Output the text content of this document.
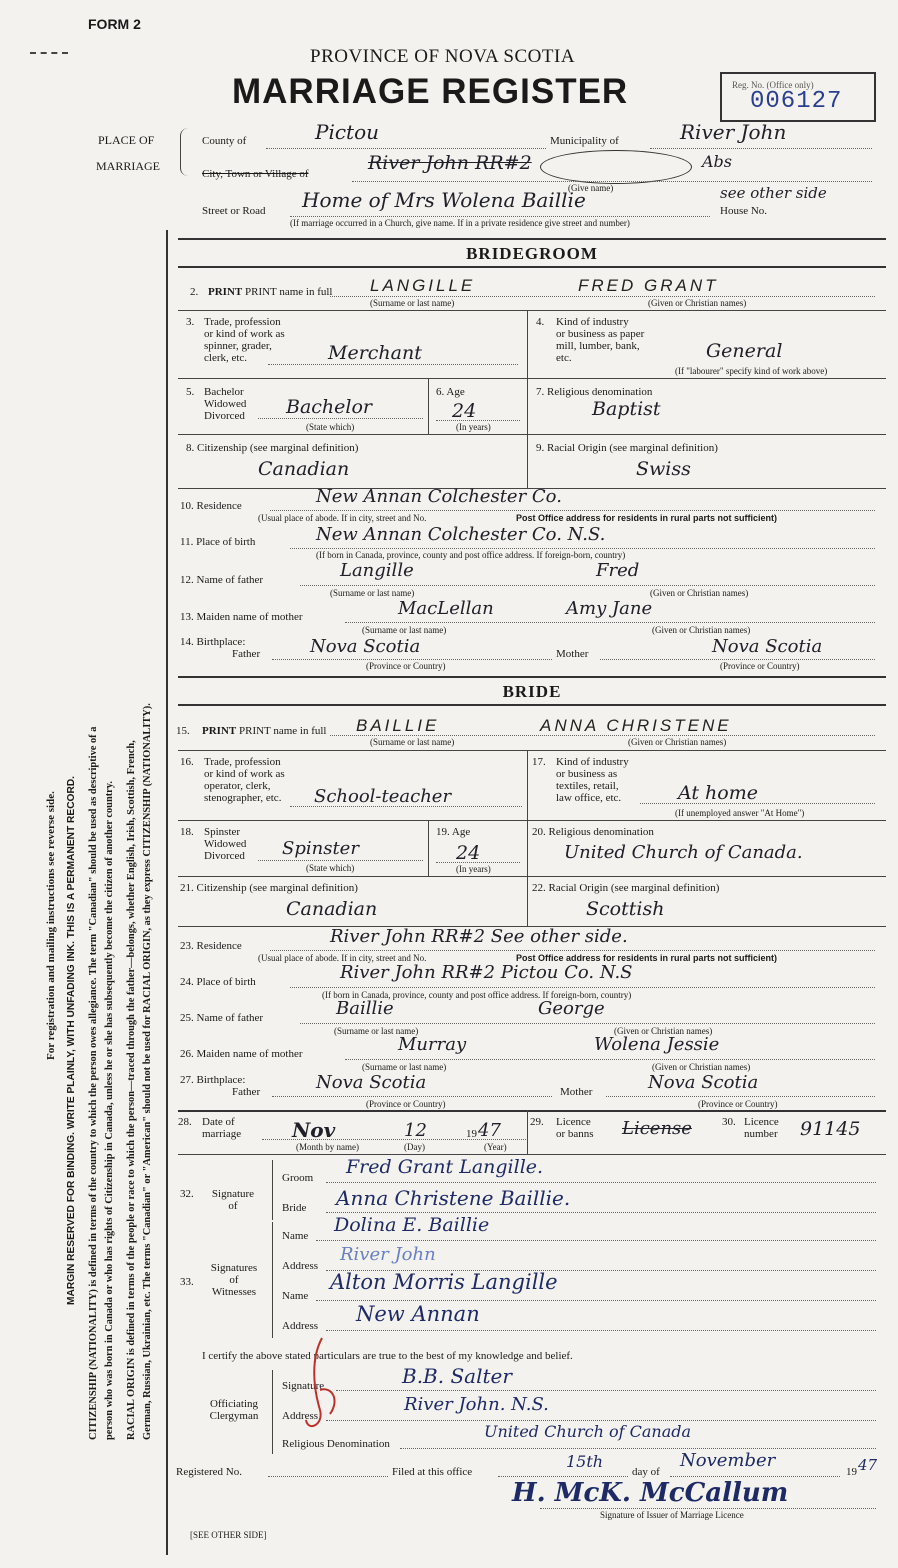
FORM 2
PROVINCE OF NOVA SCOTIA
MARRIAGE REGISTER	Reg. No. (Office only)
006127
For registration and mailing instructions see reverse side. MARGIN RESERVED FOR BINDING. WRITE PLAINLY, WITH UNFADING INK. THIS IS A PERMANENT RECORD. CITIZENSHIP (NATIONALITY) is defined in terms of the country to which the person owes allegiance. The term "Canadian" should be used as descriptive of a person who was born in Canada or who has rights of Citizenship in Canada, unless he or she has subsequently become the citizen of another country. RACIAL ORIGIN is defined in terms of the people or race to which the person—traced through the father—belongs, whether English, Irish, Scottish, French, German, Russian, Ukrainian, etc. The terms "Canadian" or "American" should not be used for RACIAL ORIGIN, as they express CITIZENSHIP (NATIONALITY).
PLACE OF
MARRIAGE
County of	Pictou	Municipality of	River John
City, Town or Village of	River John RR#2	Abs
(Give name)
Street or Road Home of Mrs Wolena Baillie	House No.
see other side
(If marriage occurred in a Church, give name. If in a private residence give street and number)
BRIDEGROOM
2. PRINT PRINT name in full LANGILLE	FRED GRANT
(Surname or last name)	(Given or Christian names)
3. Trade, profession
or kind of work as
spinner, grader,
clerk, etc.	Merchant
4. Kind of industry
or business as paper
mill, lumber, bank,
etc.	General
(If "labourer" specify kind of work above)
5. Bachelor
Widowed
Divorced Bachelor
(State which)
6. Age
24
(In years)
7. Religious denomination
Baptist
8. Citizenship (see marginal definition)
Canadian
9. Racial Origin (see marginal definition)
Swiss
10. Residence	New Annan Colchester Co.
(Usual place of abode. If in city, street and No.	Post Office address for residents in rural parts not sufficient)
11. Place of birth	New Annan Colchester Co. N.S.
(If born in Canada, province, county and post office address. If foreign-born, country)
12. Name of father	Langille	Fred
(Surname or last name)	(Given or Christian names)
13. Maiden name of mother	MacLellan	Amy Jane
(Surname or last name)	(Given or Christian names)
14. Birthplace:
Father	Nova Scotia	Mother	Nova Scotia
(Province or Country)	(Province or Country)
BRIDE
15. PRINT PRINT name in full BAILLIE	ANNA CHRISTENE
(Surname or last name)	(Given or Christian names)
16. Trade, profession
or kind of work as
operator, clerk,
stenographer, etc. School-teacher
17. Kind of industry
or business as
textiles, retail,
law office, etc.	At home
(If unemployed answer "At Home")
18. Spinster
Widowed
Divorced Spinster
(State which)
19. Age
24
(In years)
20. Religious denomination
United Church of Canada.
21. Citizenship (see marginal definition)
Canadian
22. Racial Origin (see marginal definition)
Scottish
23. Residence	River John RR#2 See other side.
(Usual place of abode. If in city, street and No.	Post Office address for residents in rural parts not sufficient)
24. Place of birth	River John RR#2 Pictou Co. N.S
(If born in Canada, province, county and post office address. If foreign-born, country)
25. Name of father	Baillie	George
(Surname or last name)	(Given or Christian names)
26. Maiden name of mother	Murray	Wolena Jessie
(Surname or last name)	(Given or Christian names)
27. Birthplace:
Father	Nova Scotia	Mother	Nova Scotia
(Province or Country)	(Province or Country)
28. Date of
marriage	Nov	12	19 47
(Month by name)	(Day)	(Year)
29. Licence
or banns License	30. Licence
number 91145
32.	Signature
of
Groom Fred Grant Langille.
Bride Anna Christene Baillie.
33.
Signatures
of
Witnesses
Name Dolina E. Baillie
Address
River John
Name
Alton Morris Langille
Address New Annan
I certify the above stated particulars are true to the best of my knowledge and belief.
Officiating
Clergyman
Signature	B.B. Salter
Address
River John. N.S.
Religious Denomination
United Church of Canada
Registered No.	Filed at this office
15th
day of
November
19 47
H. McK. McCallum
Signature of Issuer of Marriage Licence
[SEE OTHER SIDE]
